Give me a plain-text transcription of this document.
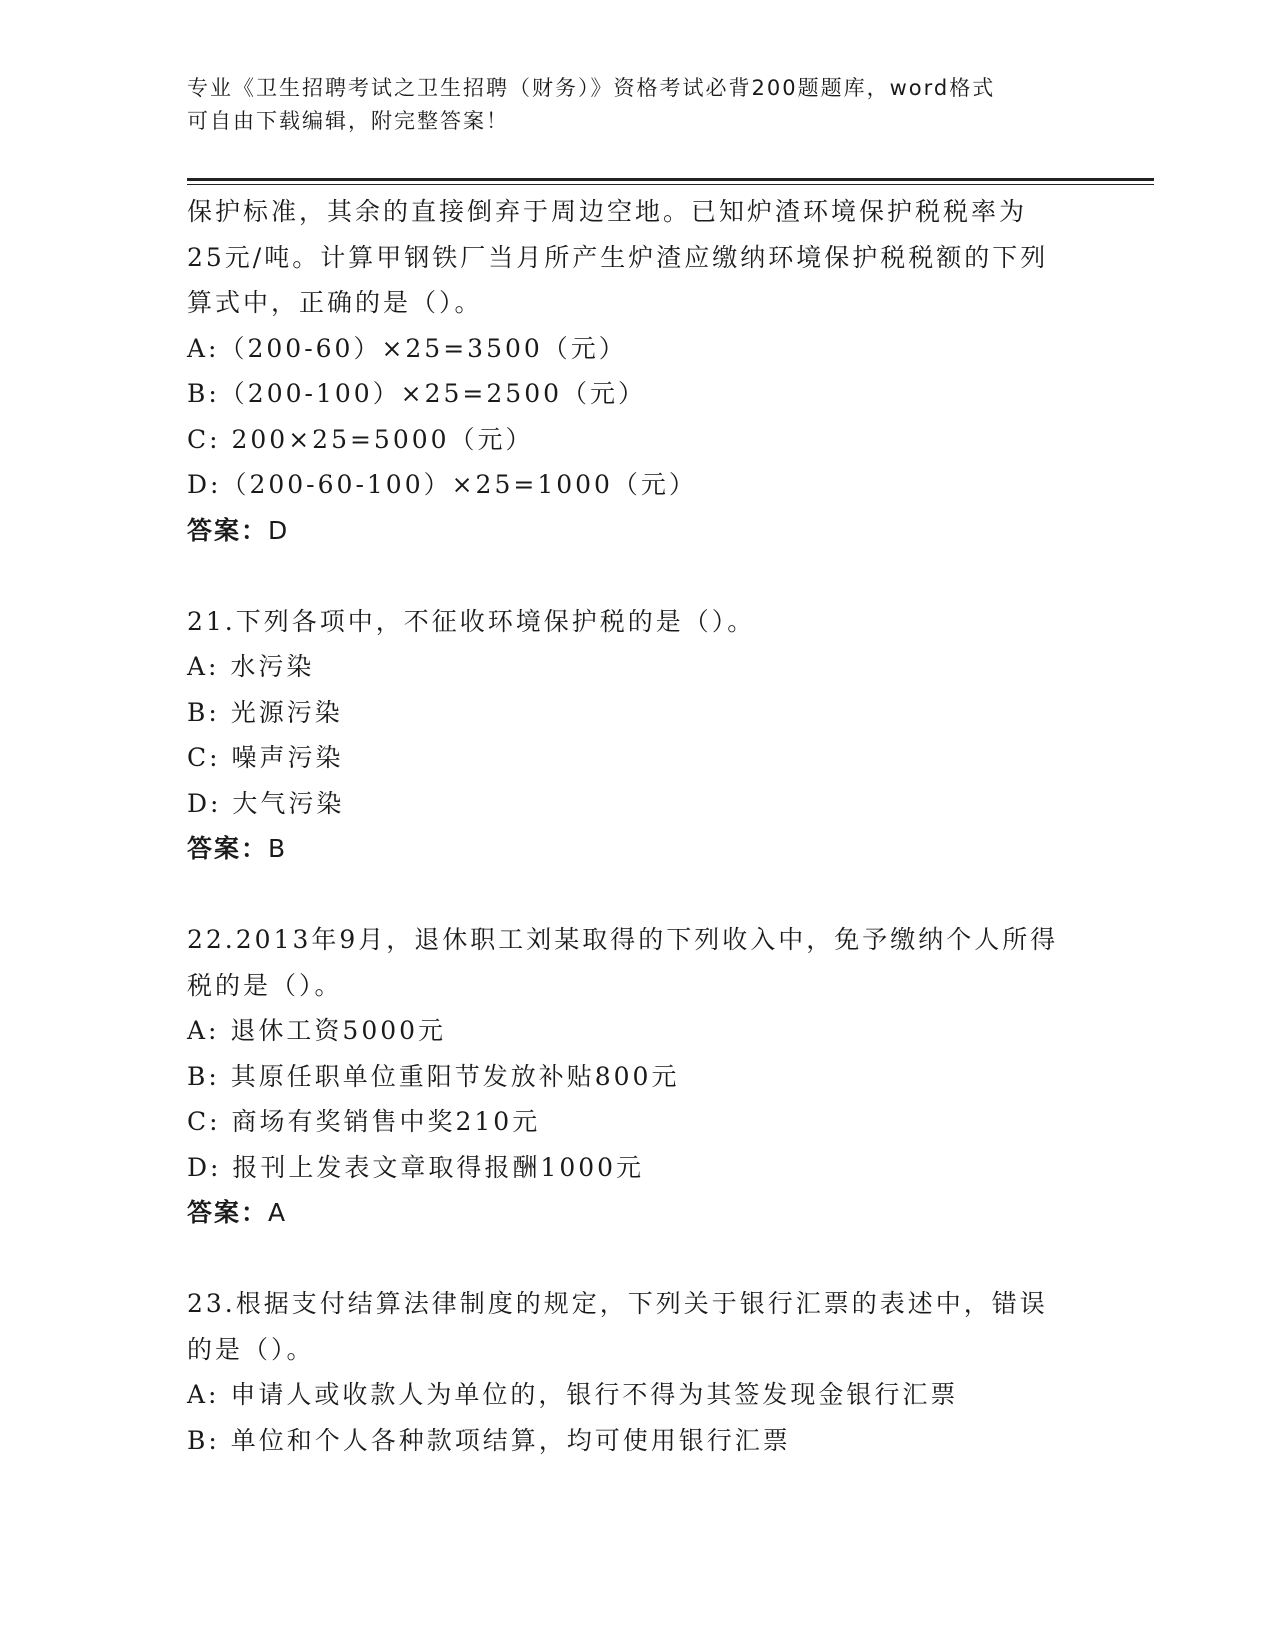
专业《卫生招聘考试之卫生招聘（财务）》资格考试必背200题题库，word格式
可自由下载编辑，附完整答案！
保护标准，其余的直接倒弃于周边空地。已知炉渣环境保护税税率为
25元/吨。计算甲钢铁厂当月所产生炉渣应缴纳环境保护税税额的下列
算式中，正确的是（）。
A:（200-60）×25=3500（元）
B:（200-100）×25=2500（元）
C: 200×25=5000（元）
D:（200-60-100）×25=1000（元）
答案：D
21.下列各项中，不征收环境保护税的是（）。
A: 水污染
B: 光源污染
C: 噪声污染
D: 大气污染
答案：B
22.2013年9月，退休职工刘某取得的下列收入中，免予缴纳个人所得
税的是（）。
A: 退休工资5000元
B: 其原任职单位重阳节发放补贴800元
C: 商场有奖销售中奖210元
D: 报刊上发表文章取得报酬1000元
答案：A
23.根据支付结算法律制度的规定，下列关于银行汇票的表述中，错误
的是（）。
A: 申请人或收款人为单位的，银行不得为其签发现金银行汇票
B: 单位和个人各种款项结算，均可使用银行汇票
